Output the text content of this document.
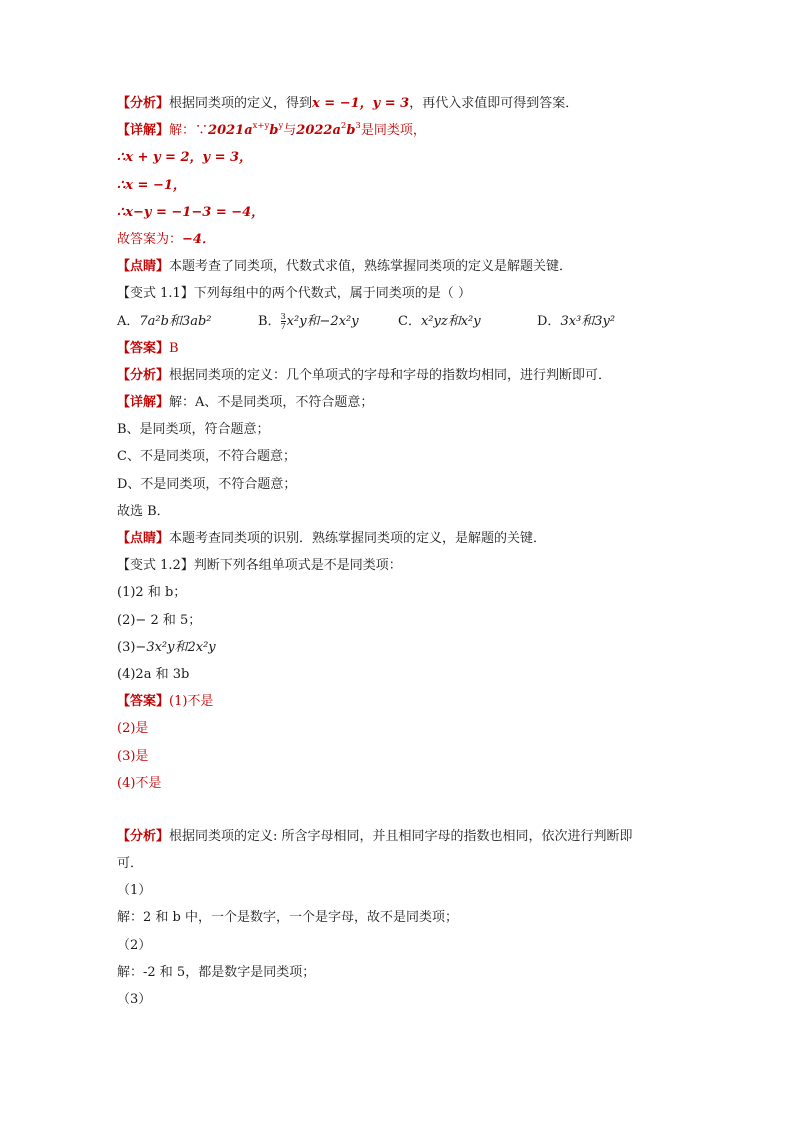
【分析】根据同类项的定义，得到x = −1，y = 3，再代入求值即可得到答案．
【详解】解：$\because 2021a^{x+y}b^y$与$2022a^2b^3$是同类项，
∴x + y = 2，y = 3，
∴x = −1，
∴x−y = −1−3 = −4，
故答案为：−4．
【点睛】本题考查了同类项，代数式求值，熟练掌握同类项的定义是解题关键．
【变式 1.1】下列每组中的两个代数式，属于同类项的是（ ）
A．7a²b和3ab²	B． $\frac{3}{7} x^2y$和−2x²y	C．x²yz和x²y	D．3x³和3y²
【答案】B
【分析】根据同类项的定义：几个单项式的字母和字母的指数均相同，进行判断即可．
【详解】解：A、不是同类项，不符合题意；
B、是同类项，符合题意；
C、不是同类项，不符合题意；
D、不是同类项，不符合题意；
故选 B．
【点睛】本题考查同类项的识别．熟练掌握同类项的定义，是解题的关键．
【变式 1.2】判断下列各组单项式是不是同类项：
(1)2 和 b；
(2)− 2 和 5；
(3)−3x²y和2x²y
(4)2a 和 3b
【答案】(1)不是
(2)是
(3)是
(4)不是
【分析】根据同类项的定义: 所含字母相同，并且相同字母的指数也相同，依次进行判断即
可．
（1）
解：2 和 b 中，一个是数字，一个是字母，故不是同类项；
（2）
解：-2 和 5，都是数字是同类项；
（3）
